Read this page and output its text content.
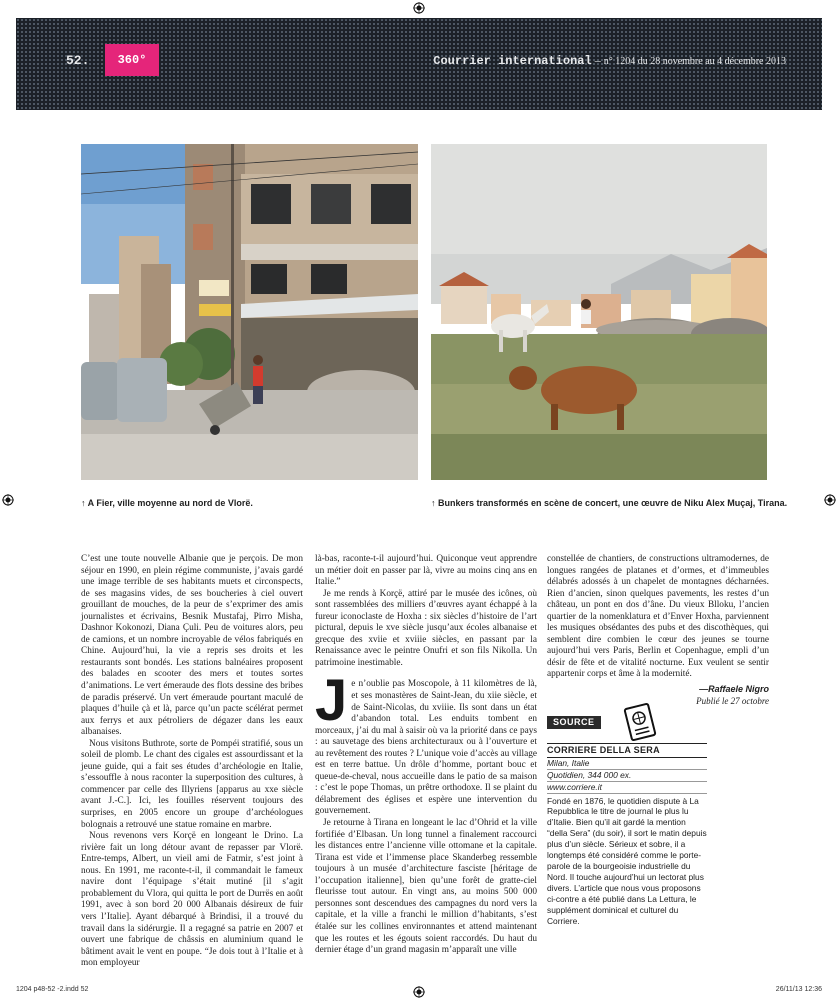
52.	360°	Courrier international – n° 1204 du 28 novembre au 4 décembre 2013
↑ A Fier, ville moyenne au nord de Vlorë.	↑ Bunkers transformés en scène de concert, une œuvre de Niku Alex Muçaj, Tirana.

C’est une toute nouvelle Albanie que je perçois. De mon séjour en 1990, en plein régime communiste, j’avais gardé une image terrible de ses habitants muets et circonspects, de ses magasins vides, de ses boucheries à ciel ouvert grouillant de mouches, de la peur de s’exprimer des amis journalistes et écrivains, Besnik Mustafaj, Pirro Misha, Dashnor Kokonozi, Diana Çuli. Peu de voitures alors, peu de camions, et un nombre incroyable de vélos fabriqués en Chine. Aujourd’hui, la vie a repris ses droits et les restaurants sont bondés. Les stations balnéaires proposent des balades en scooter des mers et toutes sortes d’animations. Le vert émeraude des flots dessine des bribes de paradis préservé. Un vert émeraude pourtant maculé de plaques d’huile çà et là, parce qu’un pacte scélérat permet aux ferrys et aux pétroliers de dégazer dans les eaux albanaises.

Nous visitons Buthrote, sorte de Pompéi stratifié, sous un soleil de plomb. Le chant des cigales est assourdissant et la jeune guide, qui a fait ses études d’archéologie en Italie, s’essouffle à nous raconter la superposition des cultures, à commencer par celle des Illyriens [apparus au xxe siècle avant J.-C.]. Ici, les fouilles réservent toujours des surprises, en 2005 encore un groupe d’archéologues bolognais a retrouvé une statue romaine en marbre.

Nous revenons vers Korçë en longeant le Drino. La rivière fait un long détour avant de repasser par Vlorë. Entre-temps, Albert, un vieil ami de Fatmir, s’est joint à nous. En 1991, me raconte-t-il, il commandait le fameux navire dont l’équipage s’était mutiné [il s’agit probablement du Vlora, qui quitta le port de Durrës en août 1991, avec à son bord 20 000 Albanais désireux de fuir vers l’Italie]. Ayant débarqué à Brindisi, il a trouvé du travail dans la sidérurgie. Il a regagné sa patrie en 2007 et ouvert une fabrique de châssis en aluminium quand le bâtiment avait le vent en poupe. “Je dois tout à l’Italie et à mon employeur

là-bas, raconte-t-il aujourd’hui. Quiconque veut apprendre un métier doit en passer par là, vivre au moins cinq ans en Italie.”

Je me rends à Korçë, attiré par le musée des icônes, où sont rassemblées des milliers d’œuvres ayant échappé à la fureur iconoclaste de Hoxha : six siècles d’histoire de l’art pictural, depuis le xve siècle jusqu’aux écoles albanaise et grecque des xviie et xviiie siècles, en passant par la Renaissance avec le peintre Onufri et son fils Nikolla. Un patrimoine inestimable.

Je n’oublie pas Moscopole, à 11 kilomètres de là, et ses monastères de Saint-Jean, du xiie siècle, et de Saint-Nicolas, du xviiie. Ils sont dans un état d’abandon total. Les enduits tombent en morceaux, j’ai du mal à saisir où va la priorité dans ce pays : au sauvetage des biens architecturaux ou à l’ouverture et au revêtement des routes ? L’unique voie d’accès au village est en terre battue. Un drôle d’homme, portant bouc et queue-de-cheval, nous accueille dans le patio de sa maison : c’est le pope Thomas, un prêtre orthodoxe. Il se plaint du délabrement des églises et espère une intervention du gouvernement.

Je retourne à Tirana en longeant le lac d’Ohrid et la ville fortifiée d’Elbasan. Un long tunnel a finalement raccourci les distances entre l’ancienne ville ottomane et la capitale. Tirana est vide et l’immense place Skanderbeg ressemble toujours à un musée d’architecture fasciste [héritage de l’occupation italienne], bien qu’une forêt de gratte-ciel fleurisse tout autour. En vingt ans, au moins 500 000 personnes sont descendues des campagnes du nord vers la capitale, et la ville a franchi le million d’habitants, s’est étalée sur les collines environnantes et attend maintenant que les routes et les égouts soient raccordés. Du haut du dernier étage d’un grand magasin m’apparaît une ville

constellée de chantiers, de constructions ultramodernes, de longues rangées de platanes et d’ormes, et d’immeubles délabrés adossés à un chapelet de montagnes décharnées. Rien d’ancien, sinon quelques pavements, les restes d’un château, un pont en dos d’âne. Du vieux Blloku, l’ancien quartier de la nomenklatura et d’Enver Hoxha, parviennent les musiques obsédantes des pubs et des discothèques, qui semblent dire combien le cœur des jeunes se tourne aujourd’hui vers Paris, Berlin et Copenhague, empli d’un désir de fête et de vitalité nocturne. Eux veulent se sentir appartenir corps et âme à la modernité.

—Raffaele Nigro
Publié le 27 octobre
SOURCE
CORRIERE DELLA SERA
Milan, Italie
Quotidien, 344 000 ex.
www.corriere.it
Fondé en 1876, le quotidien dispute à La Repubblica le titre de journal le plus lu d’Italie. Bien qu’il ait gardé la mention “della Sera” (du soir), il sort le matin depuis plus d’un siècle. Sérieux et sobre, il a longtemps été considéré comme le porte-parole de la bourgeoisie industrielle du Nord. Il touche aujourd’hui un lectorat plus divers. L’article que nous vous proposons ci-contre a été publié dans La Lettura, le supplément dominical et culturel du Corriere.
1204 p48-52 -2.indd 52	26/11/13 12:36
